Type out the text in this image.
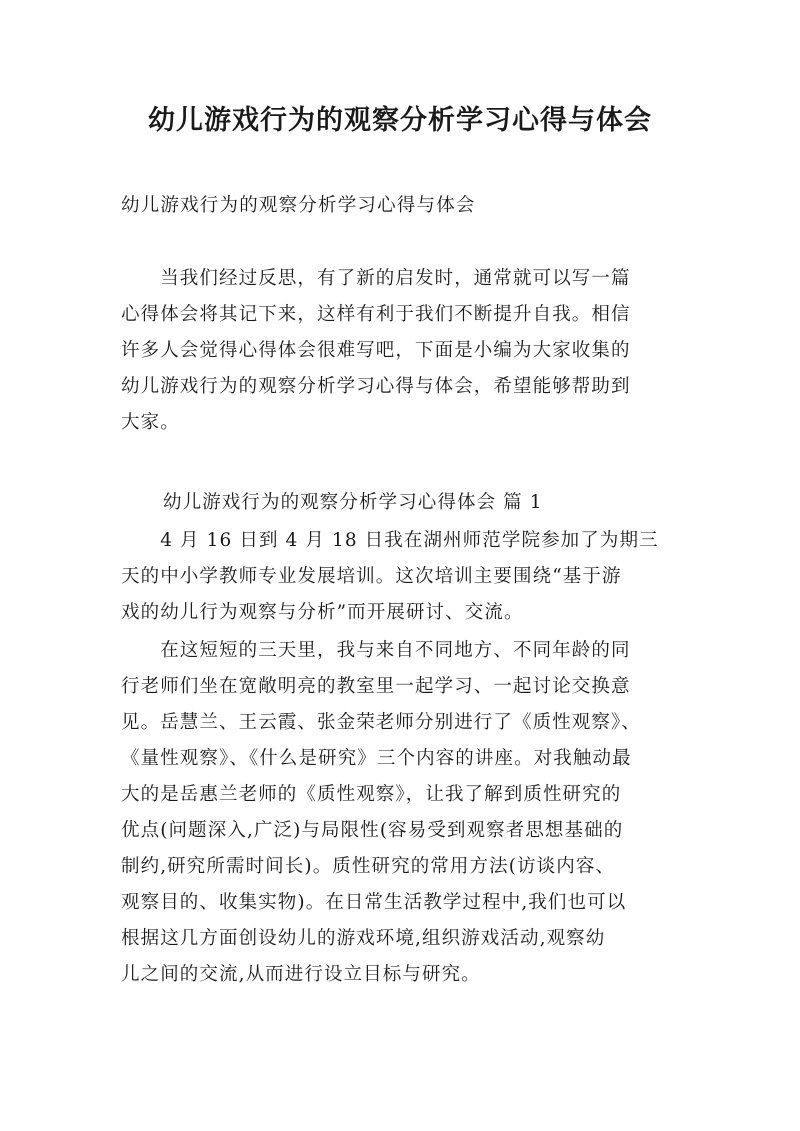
幼儿游戏行为的观察分析学习心得与体会
幼儿游戏行为的观察分析学习心得与体会
　　当我们经过反思，有了新的启发时，通常就可以写一篇
心得体会将其记下来，这样有利于我们不断提升自我。相信
许多人会觉得心得体会很难写吧，下面是小编为大家收集的
幼儿游戏行为的观察分析学习心得与体会，希望能够帮助到
大家。
幼儿游戏行为的观察分析学习心得体会 篇 1
　　4 月 16 日到 4 月 18 日我在湖州师范学院参加了为期三
天的中小学教师专业发展培训。这次培训主要围绕“基于游
戏的幼儿行为观察与分析”而开展研讨、交流。
　　在这短短的三天里，我与来自不同地方、不同年龄的同
行老师们坐在宽敞明亮的教室里一起学习、一起讨论交换意
见。岳慧兰、王云霞、张金荣老师分别进行了《质性观察》、
《量性观察》、《什么是研究》三个内容的讲座。对我触动最
大的是岳惠兰老师的《质性观察》，让我了解到质性研究的
优点(问题深入,广泛)与局限性(容易受到观察者思想基础的
制约,研究所需时间长)。质性研究的常用方法(访谈内容、
观察目的、收集实物)。在日常生活教学过程中,我们也可以
根据这几方面创设幼儿的游戏环境,组织游戏活动,观察幼
儿之间的交流,从而进行设立目标与研究。
